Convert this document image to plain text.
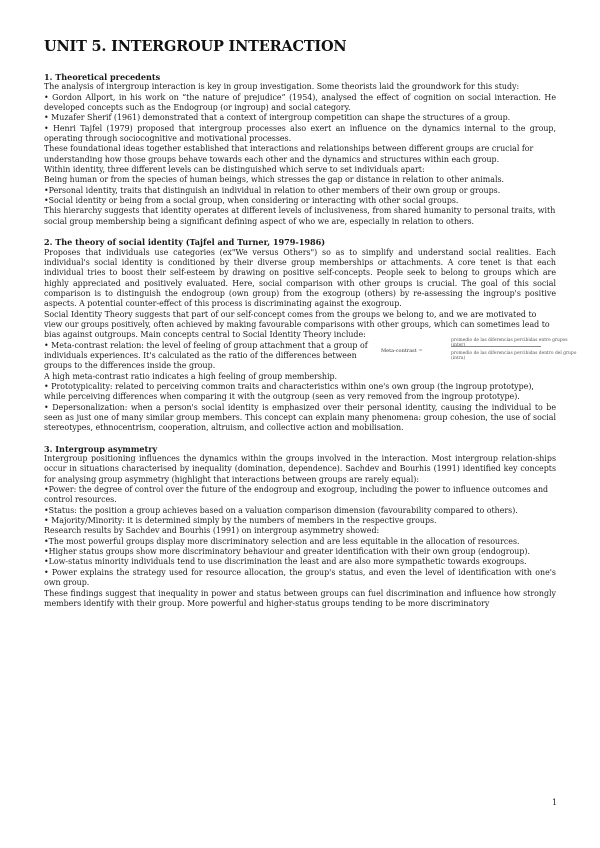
UNIT 5. INTERGROUP INTERACTION
1. Theoretical precedents

The analysis of intergroup interaction is key in group investigation. Some theorists laid the groundwork for this study:

• Gordon Allport, in his work on “the nature of prejudice” (1954), analysed the effect of cognition on social interaction. He developed concepts such as the Endogroup (or ingroup) and social category.

• Muzafer Sherif (1961) demonstrated that a context of intergroup competition can shape the structures of a group.

• Henri Tajfel (1979) proposed that intergroup processes also exert an influence on the dynamics internal to the group, operating through sociocognitive and motivational processes.

These foundational ideas together established that interactions and relationships between different groups are crucial for understanding how those groups behave towards each other and the dynamics and structures within each group.

Within identity, three different levels can be distinguished which serve to set individuals apart:

Being human or from the species of human beings, which stresses the gap or distance in relation to other animals.

•Personal identity, traits that distinguish an individual in relation to other members of their own group or groups.

•Social identity or being from a social group, when considering or interacting with other social groups.

This hierarchy suggests that identity operates at different levels of inclusiveness, from shared humanity to personal traits, with social group membership being a significant defining aspect of who we are, especially in relation to others.

2. The theory of social identity (Tajfel and Turner, 1979-1986)

Proposes that individuals use categories (ex"We versus Others") so as to simplify and understand social realities. Each individual's social identity is conditioned by their diverse group memberships or attachments. A core tenet is that each individual tries to boost their self-esteem by drawing on positive self-concepts. People seek to belong to groups which are highly appreciated and positively evaluated. Here, social comparison with other groups is crucial. The goal of this social comparison is to distinguish the endogroup (own group) from the exogroup (others) by re-assessing the ingroup's positive aspects. A potential counter-effect of this process is discriminating against the exogroup.

Social Identity Theory suggests that part of our self-concept comes from the groups we belong to, and we are motivated to view our groups positively, often achieved by making favourable comparisons with other groups, which can sometimes lead to bias against outgroups. Main concepts central to Social Identity Theory include:

• Meta-contrast relation: the level of feeling of group attachment that a group of individuals experiences. It's calculated as the ratio of the differences between groups to the differences inside the group.

Meta-contrast =
promedio de las diferencias percibidas entre grupos (inter)
promedio de las diferencias percibidas dentro del grupo (intra)

A high meta-contrast ratio indicates a high feeling of group membership.

• Prototypicality: related to perceiving common traits and characteristics within one's own group (the ingroup prototype), while perceiving differences when comparing it with the outgroup (seen as very removed from the ingroup prototype).

• Depersonalization: when a person's social identity is emphasized over their personal identity, causing the individual to be seen as just one of many similar group members. This concept can explain many phenomena: group cohesion, the use of social stereotypes, ethnocentrism, cooperation, altruism, and collective action and mobilisation.

3. Intergroup asymmetry

Intergroup positioning influences the dynamics within the groups involved in the interaction. Most intergroup relation-ships occur in situations characterised by inequality (domination, dependence). Sachdev and Bourhis (1991) identified key concepts for analysing group asymmetry (highlight that interactions between groups are rarely equal):

•Power: the degree of control over the future of the endogroup and exogroup, including the power to influence outcomes and control resources.

•Status: the position a group achieves based on a valuation comparison dimension (favourability compared to others).

• Majority/Minority: it is determined simply by the numbers of members in the respective groups.

Research results by Sachdev and Bourhis (1991) on intergroup asymmetry showed:

•The most powerful groups display more discriminatory selection and are less equitable in the allocation of resources.

•Higher status groups show more discriminatory behaviour and greater identification with their own group (endogroup).

•Low-status minority individuals tend to use discrimination the least and are also more sympathetic towards exogroups.

• Power explains the strategy used for resource allocation, the group's status, and even the level of identification with one's own group.

These findings suggest that inequality in power and status between groups can fuel discrimination and influence how strongly members identify with their group. More powerful and higher-status groups tending to be more discriminatory

1
